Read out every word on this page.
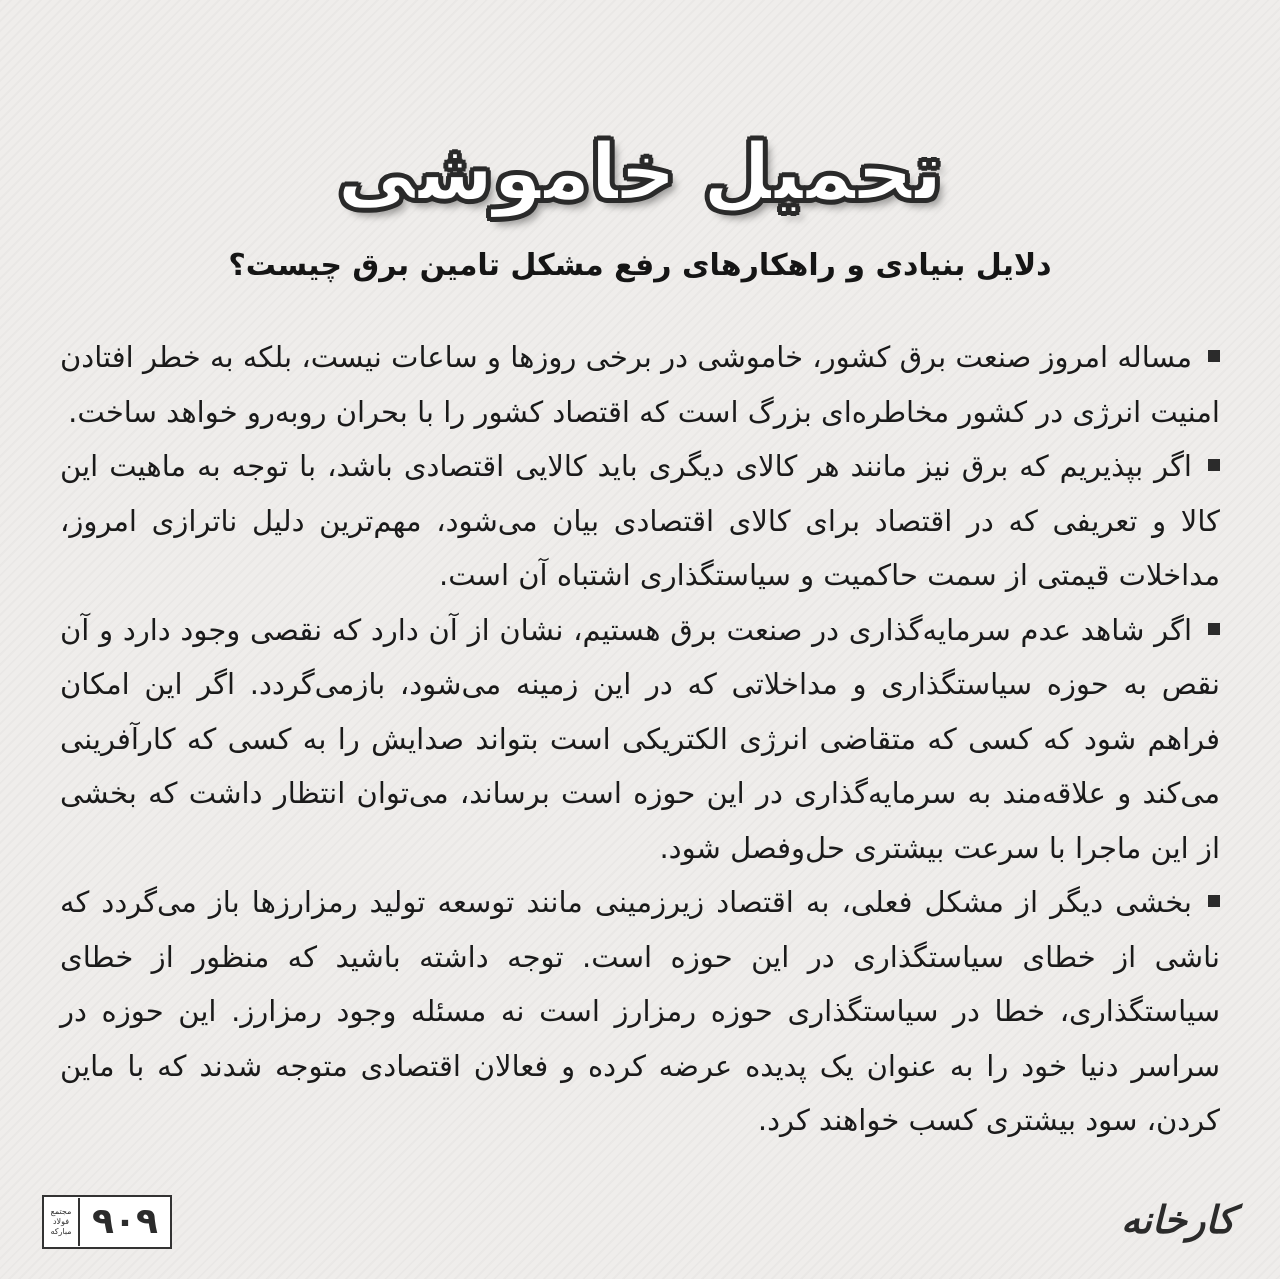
تحمیل خاموشی
دلایل بنیادی و راهکارهای رفع مشکل تامین برق چیست؟

مساله امروز صنعت برق کشور، خاموشی در برخی روزها و ساعات نیست، بلکه به خطر افتادن امنیت انرژی در کشور مخاطره‌ای بزرگ است که اقتصاد کشور را با بحران روبه‌رو خواهد ساخت.

اگر بپذیریم که برق نیز مانند هر کالای دیگری باید کالایی اقتصادی باشد، با توجه به ماهیت این کالا و تعریفی که در اقتصاد برای کالای اقتصادی بیان می‌شود، مهم‌ترین دلیل ناترازی امروز، مداخلات قیمتی از سمت حاکمیت و سیاستگذاری اشتباه آن است.

اگر شاهد عدم سرمایه‌گذاری در صنعت برق هستیم، نشان از آن دارد که نقصی وجود دارد و آن نقص به حوزه سیاستگذاری و مداخلاتی که در این زمینه می‌شود، بازمی‌گردد. اگر این امکان فراهم شود که کسی که متقاضی انرژی الکتریکی است بتواند صدایش را به کسی که کارآفرینی می‌کند و علاقه‌مند به سرمایه‌گذاری در این حوزه است برساند، می‌توان انتظار داشت که بخشی از این ماجرا با سرعت بیشتری حل‌وفصل شود.

بخشی دیگر از مشکل فعلی، به اقتصاد زیرزمینی مانند توسعه تولید رمزارزها باز می‌گردد که ناشی از خطای سیاستگذاری در این حوزه است. توجه داشته باشید که منظور از خطای سیاستگذاری، خطا در سیاستگذاری حوزه رمزارز است نه مسئله وجود رمزارز. این حوزه در سراسر دنیا خود را به عنوان یک پدیده عرضه کرده و فعالان اقتصادی متوجه شدند که با ماین کردن، سود بیشتری کسب خواهند کرد.

مجتمع
فولاد
مبارکه ۹۰۹	کارخانه
